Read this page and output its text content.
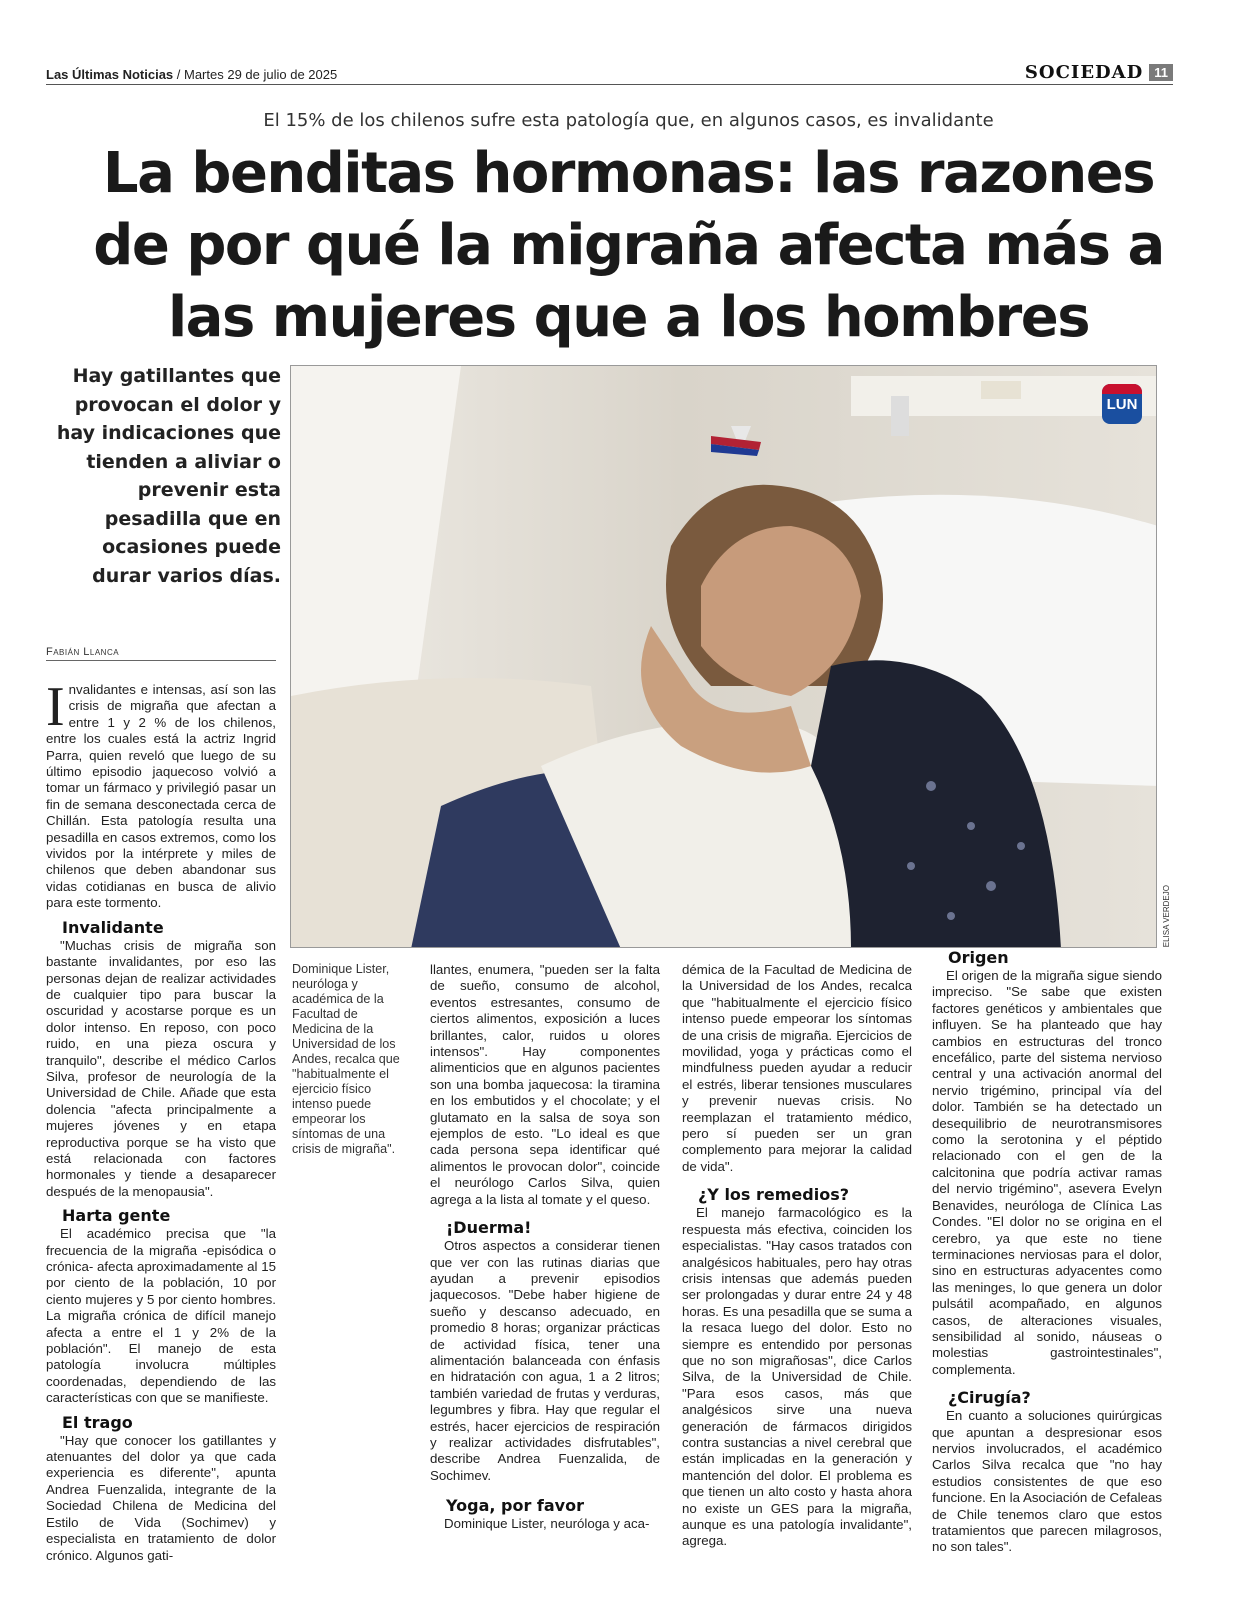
Las Últimas Noticias / Martes 29 de julio de 2025	SOCIEDAD 11
El 15% de los chilenos sufre esta patología que, en algunos casos, es invalidante
La benditas hormonas: las razones de por qué la migraña afecta más a las mujeres que a los hombres

Hay gatillantes que provocan el dolor y hay indicaciones que tienden a aliviar o prevenir esta pesadilla que en ocasiones puede durar varios días.

Fabián Llanca
LUN
ELISA VERDEJO

Invalidantes e intensas, así son las crisis de migraña que afectan a entre 1 y 2 % de los chilenos, entre los cuales está la actriz Ingrid Parra, quien reveló que luego de su último episodio jaquecoso volvió a tomar un fármaco y privilegió pasar un fin de semana desconectada cerca de Chillán. Esta patología resulta una pesadilla en casos extremos, como los vividos por la intérprete y miles de chilenos que deben abandonar sus vidas cotidianas en busca de alivio para este tormento.

Invalidante

"Muchas crisis de migraña son bastante invalidantes, por eso las personas dejan de realizar actividades de cualquier tipo para buscar la oscuridad y acostarse porque es un dolor intenso. En reposo, con poco ruido, en una pieza oscura y tranquilo", describe el médico Carlos Silva, profesor de neurología de la Universidad de Chile. Añade que esta dolencia "afecta principalmente a mujeres jóvenes y en etapa reproductiva porque se ha visto que está relacionada con factores hormonales y tiende a desaparecer después de la menopausia".

Harta gente

El académico precisa que "la frecuencia de la migraña -episódica o crónica- afecta aproximadamente al 15 por ciento de la población, 10 por ciento mujeres y 5 por ciento hombres. La migraña crónica de difícil manejo afecta a entre el 1 y 2% de la población". El manejo de esta patología involucra múltiples coordenadas, dependiendo de las características con que se manifieste.

El trago

"Hay que conocer los gatillantes y atenuantes del dolor ya que cada experiencia es diferente", apunta Andrea Fuenzalida, integrante de la Sociedad Chilena de Medicina del Estilo de Vida (Sochimev) y especialista en tratamiento de dolor crónico. Algunos gati-

Dominique Lister, neuróloga y académica de la Facultad de Medicina de la Universidad de los Andes, recalca que "habitualmente el ejercicio físico intenso puede empeorar los síntomas de una crisis de migraña".

llantes, enumera, "pueden ser la falta de sueño, consumo de alcohol, eventos estresantes, consumo de ciertos alimentos, exposición a luces brillantes, calor, ruidos u olores intensos". Hay componentes alimenticios que en algunos pacientes son una bomba jaquecosa: la tiramina en los embutidos y el chocolate; y el glutamato en la salsa de soya son ejemplos de esto. "Lo ideal es que cada persona sepa identificar qué alimentos le provocan dolor", coincide el neurólogo Carlos Silva, quien agrega a la lista al tomate y el queso.

¡Duerma!

Otros aspectos a considerar tienen que ver con las rutinas diarias que ayudan a prevenir episodios jaquecosos. "Debe haber higiene de sueño y descanso adecuado, en promedio 8 horas; organizar prácticas de actividad física, tener una alimentación balanceada con énfasis en hidratación con agua, 1 a 2 litros; también variedad de frutas y verduras, legumbres y fibra. Hay que regular el estrés, hacer ejercicios de respiración y realizar actividades disfrutables", describe Andrea Fuenzalida, de Sochimev.

Yoga, por favor

Dominique Lister, neuróloga y aca-

démica de la Facultad de Medicina de la Universidad de los Andes, recalca que "habitualmente el ejercicio físico intenso puede empeorar los síntomas de una crisis de migraña. Ejercicios de movilidad, yoga y prácticas como el mindfulness pueden ayudar a reducir el estrés, liberar tensiones musculares y prevenir nuevas crisis. No reemplazan el tratamiento médico, pero sí pueden ser un gran complemento para mejorar la calidad de vida".

¿Y los remedios?

El manejo farmacológico es la respuesta más efectiva, coinciden los especialistas. "Hay casos tratados con analgésicos habituales, pero hay otras crisis intensas que además pueden ser prolongadas y durar entre 24 y 48 horas. Es una pesadilla que se suma a la resaca luego del dolor. Esto no siempre es entendido por personas que no son migrañosas", dice Carlos Silva, de la Universidad de Chile. "Para esos casos, más que analgésicos sirve una nueva generación de fármacos dirigidos contra sustancias a nivel cerebral que están implicadas en la generación y mantención del dolor. El problema es que tienen un alto costo y hasta ahora no existe un GES para la migraña, aunque es una patología invalidante", agrega.

Origen

El origen de la migraña sigue siendo impreciso. "Se sabe que existen factores genéticos y ambientales que influyen. Se ha planteado que hay cambios en estructuras del tronco encefálico, parte del sistema nervioso central y una activación anormal del nervio trigémino, principal vía del dolor. También se ha detectado un desequilibrio de neurotransmisores como la serotonina y el péptido relacionado con el gen de la calcitonina que podría activar ramas del nervio trigémino", asevera Evelyn Benavides, neuróloga de Clínica Las Condes. "El dolor no se origina en el cerebro, ya que este no tiene terminaciones nerviosas para el dolor, sino en estructuras adyacentes como las meninges, lo que genera un dolor pulsátil acompañado, en algunos casos, de alteraciones visuales, sensibilidad al sonido, náuseas o molestias gastrointestinales", complementa.

¿Cirugía?

En cuanto a soluciones quirúrgicas que apuntan a despresionar esos nervios involucrados, el académico Carlos Silva recalca que "no hay estudios consistentes de que eso funcione. En la Asociación de Cefaleas de Chile tenemos claro que estos tratamientos que parecen milagrosos, no son tales".
